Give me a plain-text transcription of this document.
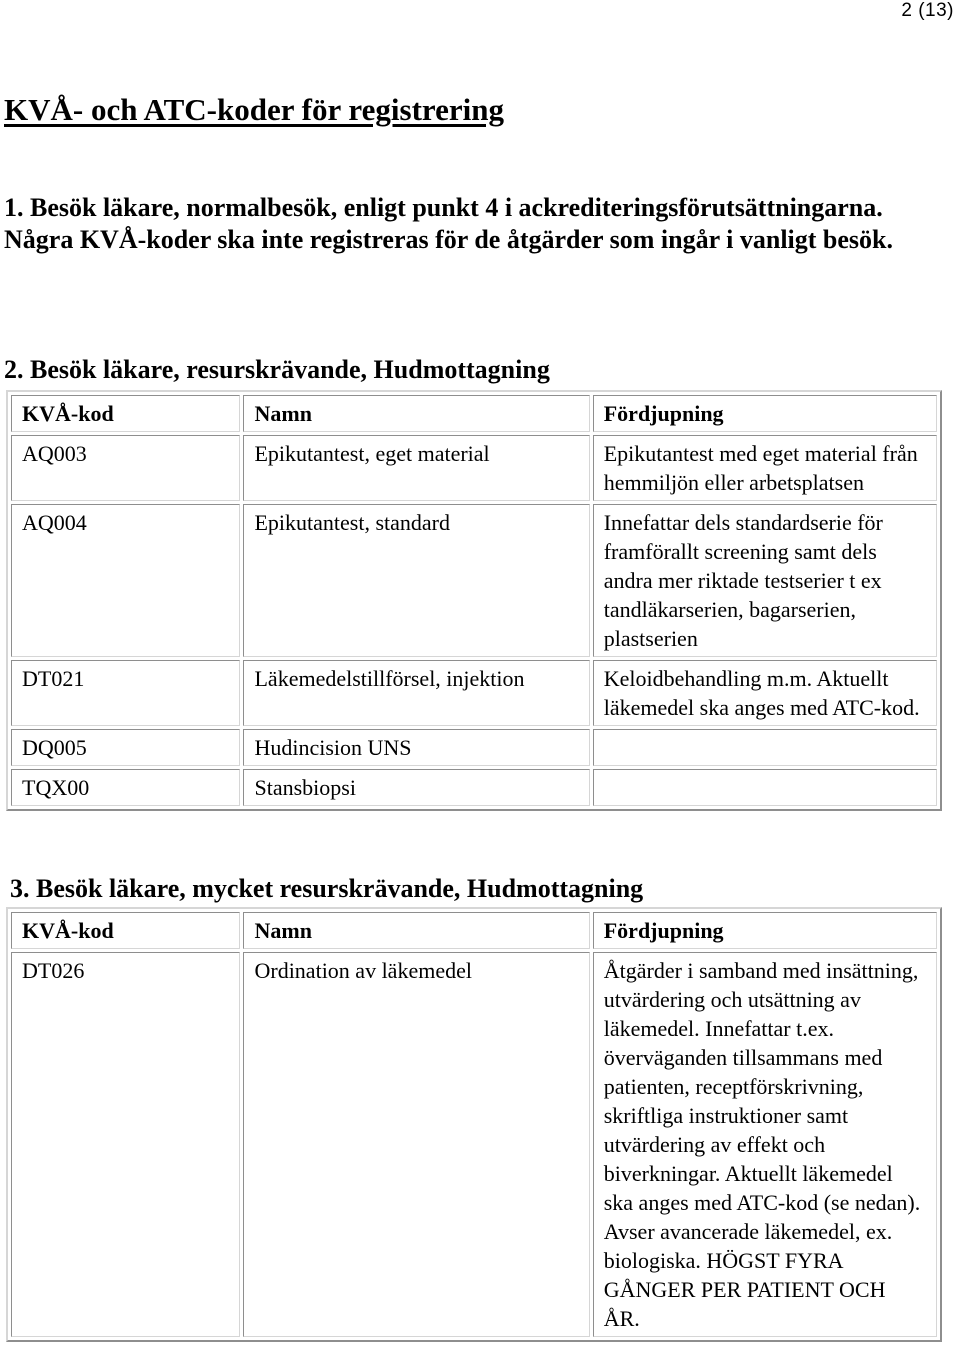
2 (13)
KVÅ- och ATC-koder för registrering

1. Besök läkare, normalbesök, enligt punkt 4 i ackrediteringsförutsättningarna. Några KVÅ-koder ska inte registreras för de åtgärder som ingår i vanligt besök.

2. Besök läkare, resurskrävande, Hudmottagning

KVÅ-kod	Namn	Fördjupning
AQ003	Epikutantest, eget material	Epikutantest med eget material från hemmiljön eller arbetsplatsen
AQ004	Epikutantest, standard	Innefattar dels standardserie för framförallt screening samt dels andra mer riktade testserier t ex tandläkarserien, bagarserien, plastserien
DT021	Läkemedelstillförsel, injektion	Keloidbehandling m.m. Aktuellt läkemedel ska anges med ATC-kod.
DQ005	Hudincision UNS	
TQX00	Stansbiopsi	

3. Besök läkare, mycket resurskrävande, Hudmottagning

KVÅ-kod	Namn	Fördjupning
DT026	Ordination av läkemedel	Åtgärder i samband med insättning, utvärdering och utsättning av läkemedel. Innefattar t.ex. överväganden tillsammans med patienten, receptförskrivning, skriftliga instruktioner samt utvärdering av effekt och biverkningar. Aktuellt läkemedel ska anges med ATC-kod (se nedan). Avser avancerade läkemedel, ex. biologiska. HÖGST FYRA GÅNGER PER PATIENT OCH ÅR.
